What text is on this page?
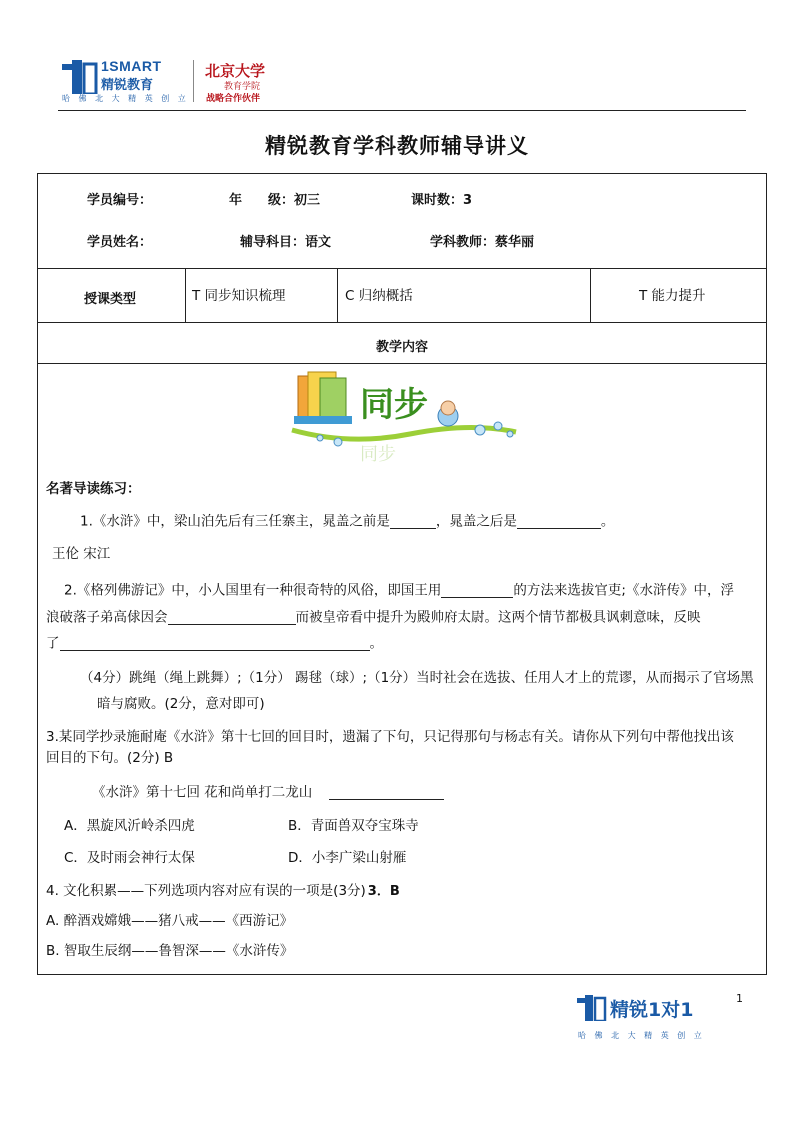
1SMART
精锐教育
哈 佛 北 大 精 英 创 立
北京大学
教育学院
战略合作伙伴
精锐教育学科教师辅导讲义
学员编号：	年　　级：初三	课时数：3
学员姓名：	辅导科目：语文	学科教师：蔡华丽
授课类型	T 同步知识梳理	C 归纳概括	T 能力提升
教学内容
同步
同步
名著导读练习：
1.《水浒》中，梁山泊先后有三任寨主，晁盖之前是	，晁盖之后是	。
王伦 宋江
2.《格列佛游记》中，小人国里有一种很奇特的风俗，即国王用	的方法来选拔官吏;《水浒传》中，浮
浪破落子弟高俅因会	而被皇帝看中提升为殿帅府太尉。这两个情节都极具讽刺意味，反映
了	。
（4分）跳绳（绳上跳舞）;（1分） 踢毬（球）;（1分）当时社会在选拔、任用人才上的荒谬，从而揭示了官场黑
暗与腐败。(2分，意对即可)
3.某同学抄录施耐庵《水浒》第十七回的回目时，遗漏了下句，只记得那句与杨志有关。请你从下列句中帮他找出该
回目的下句。(2分) B
《水浒》第十七回 花和尚单打二龙山
A．黑旋风沂岭杀四虎	B．青面兽双夺宝珠寺
C．及时雨会神行太保	D．小李广梁山射雁
4. 文化积累——下列选项内容对应有误的一项是(3分) 3．B
A. 醉酒戏嫦娥——猪八戒——《西游记》
B. 智取生辰纲——鲁智深——《水浒传》
1
精锐1对1
哈 佛 北 大 精 英 创 立
